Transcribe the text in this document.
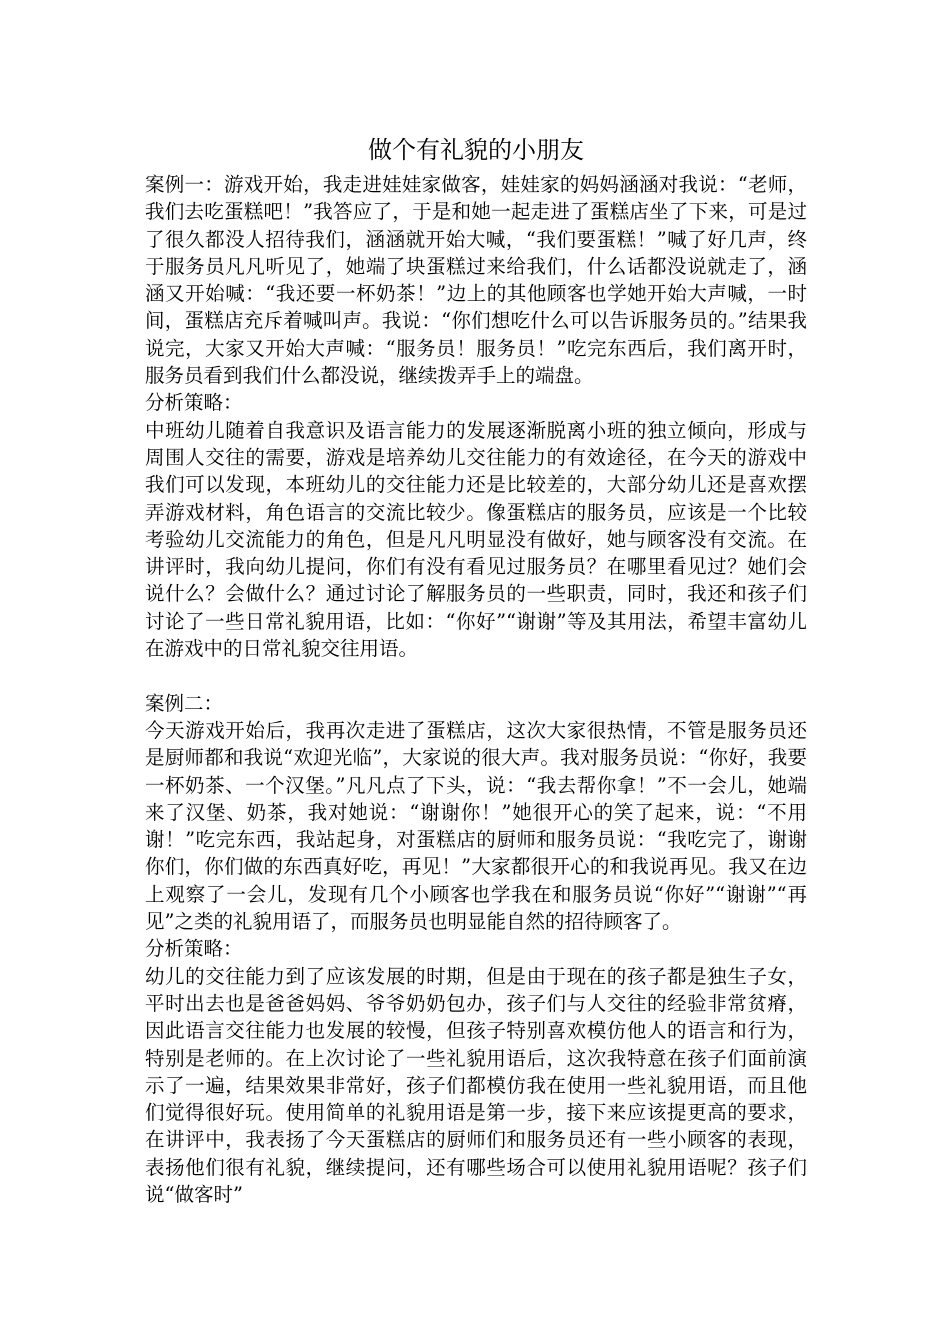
做个有礼貌的小朋友

案例一：游戏开始，我走进娃娃家做客，娃娃家的妈妈涵涵对我说：“老师，我们去吃蛋糕吧！”我答应了，于是和她一起走进了蛋糕店坐了下来，可是过了很久都没人招待我们，涵涵就开始大喊，“我们要蛋糕！”喊了好几声，终于服务员凡凡听见了，她端了块蛋糕过来给我们，什么话都没说就走了，涵涵又开始喊：“我还要一杯奶茶！”边上的其他顾客也学她开始大声喊，一时间，蛋糕店充斥着喊叫声。我说：“你们想吃什么可以告诉服务员的。”结果我说完，大家又开始大声喊：“服务员！服务员！”吃完东西后，我们离开时，服务员看到我们什么都没说，继续拨弄手上的端盘。

分析策略：

中班幼儿随着自我意识及语言能力的发展逐渐脱离小班的独立倾向，形成与周围人交往的需要，游戏是培养幼儿交往能力的有效途径，在今天的游戏中我们可以发现，本班幼儿的交往能力还是比较差的，大部分幼儿还是喜欢摆弄游戏材料，角色语言的交流比较少。像蛋糕店的服务员，应该是一个比较考验幼儿交流能力的角色，但是凡凡明显没有做好，她与顾客没有交流。在讲评时，我向幼儿提问，你们有没有看见过服务员？在哪里看见过？她们会说什么？会做什么？通过讨论了解服务员的一些职责，同时，我还和孩子们讨论了一些日常礼貌用语，比如：“你好”“谢谢”等及其用法，希望丰富幼儿在游戏中的日常礼貌交往用语。

案例二：

今天游戏开始后，我再次走进了蛋糕店，这次大家很热情，不管是服务员还是厨师都和我说“欢迎光临”，大家说的很大声。我对服务员说：“你好，我要一杯奶茶、一个汉堡。”凡凡点了下头，说：“我去帮你拿！”不一会儿，她端来了汉堡、奶茶，我对她说：“谢谢你！”她很开心的笑了起来，说：“不用谢！”吃完东西，我站起身，对蛋糕店的厨师和服务员说：“我吃完了，谢谢你们，你们做的东西真好吃，再见！”大家都很开心的和我说再见。我又在边上观察了一会儿，发现有几个小顾客也学我在和服务员说“你好”“谢谢”“再见”之类的礼貌用语了，而服务员也明显能自然的招待顾客了。

分析策略：

幼儿的交往能力到了应该发展的时期，但是由于现在的孩子都是独生子女，平时出去也是爸爸妈妈、爷爷奶奶包办，孩子们与人交往的经验非常贫瘠，因此语言交往能力也发展的较慢，但孩子特别喜欢模仿他人的语言和行为，特别是老师的。在上次讨论了一些礼貌用语后，这次我特意在孩子们面前演示了一遍，结果效果非常好，孩子们都模仿我在使用一些礼貌用语，而且他们觉得很好玩。使用简单的礼貌用语是第一步，接下来应该提更高的要求，在讲评中，我表扬了今天蛋糕店的厨师们和服务员还有一些小顾客的表现，表扬他们很有礼貌，继续提问，还有哪些场合可以使用礼貌用语呢？孩子们说“做客时”
